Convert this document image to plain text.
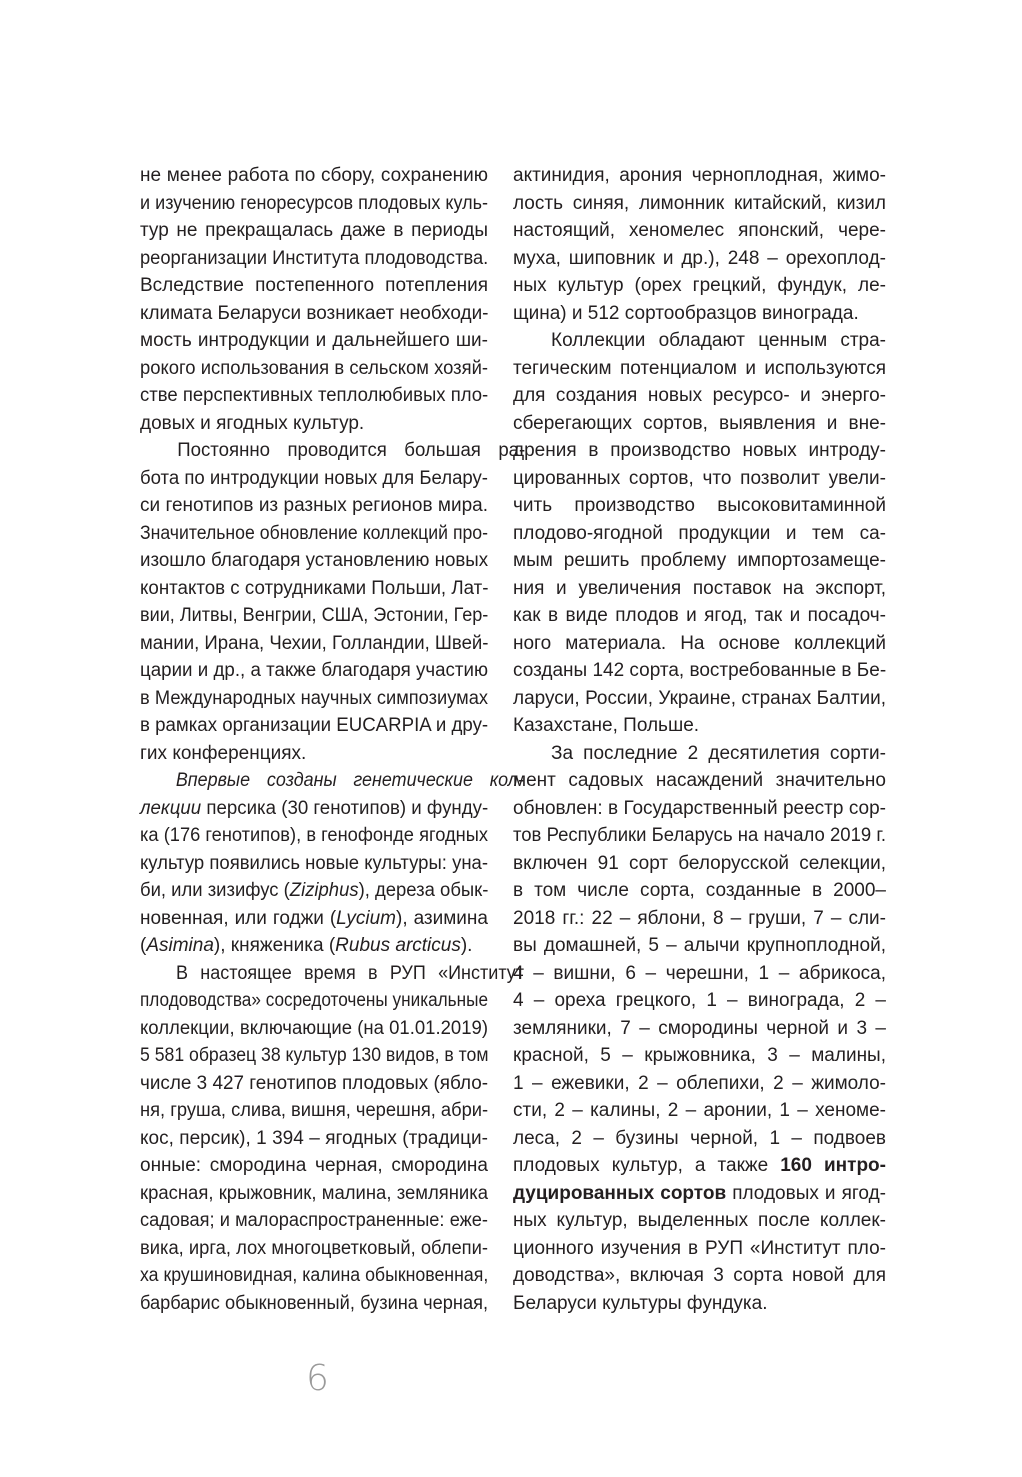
не менее работа по сбору, сохранению
и изучению геноресурсов плодовых куль-
тур не прекращалась даже в периоды
реорганизации Института плодоводства.
Вследствие постепенного потепления
климата Беларуси возникает необходи-
мость интродукции и дальнейшего ши-
рокого использования в сельском хозяй-
стве перспективных теплолюбивых пло-
довых и ягодных культур.
Постоянно проводится большая ра-
бота по интродукции новых для Белару-
си генотипов из разных регионов мира.
Значительное обновление коллекций про-
изошло благодаря установлению новых
контактов с сотрудниками Польши, Лат-
вии, Литвы, Венгрии, США, Эстонии, Гер-
мании, Ирана, Чехии, Голландии, Швей-
царии и др., а также благодаря участию
в Международных научных симпозиумах
в рамках организации EUCARPIA и дру-
гих конференциях.
Впервые созданы генетические кол-
лекции персика (30 генотипов) и фунду-
ка (176 генотипов), в генофонде ягодных
культур появились новые культуры: уна-
би, или зизифус (Ziziphus), дереза обык-
новенная, или годжи (Lycium), азимина
(Asimina), княженика (Rubus arcticus).
В настоящее время в РУП «Институт
плодоводства» сосредоточены уникальные
коллекции, включающие (на 01.01.2019)
5 581 образец 38 культур 130 видов, в том
числе 3 427 генотипов плодовых (ябло-
ня, груша, слива, вишня, черешня, абри-
кос, персик), 1 394 – ягодных (традици-
онные: смородина черная, смородина
красная, крыжовник, малина, земляника
садовая; и малораспространенные: еже-
вика, ирга, лох многоцветковый, облепи-
ха крушиновидная, калина обыкновенная,
барбарис обыкновенный, бузина черная,
актинидия, арония черноплодная, жимо-
лость синяя, лимонник китайский, кизил
настоящий, хеномелес японский, чере-
муха, шиповник и др.), 248 – орехоплод-
ных культур (орех грецкий, фундук, ле-
щина) и 512 сортообразцов винограда.
Коллекции обладают ценным стра-
тегическим потенциалом и используются
для создания новых ресурсо- и энерго-
сберегающих сортов, выявления и вне-
дрения в производство новых интроду-
цированных сортов, что позволит увели-
чить производство высоковитаминной
плодово-ягодной продукции и тем са-
мым решить проблему импортозамеще-
ния и увеличения поставок на экспорт,
как в виде плодов и ягод, так и посадоч-
ного материала. На основе коллекций
созданы 142 сорта, востребованные в Бе-
ларуси, России, Украине, странах Балтии,
Казахстане, Польше.
За последние 2 десятилетия сорти-
мент садовых насаждений значительно
обновлен: в Государственный реестр сор-
тов Республики Беларусь на начало 2019 г.
включен 91 сорт белорусской селекции,
в том числе сорта, созданные в 2000–
2018 гг.: 22 – яблони, 8 – груши, 7 – сли-
вы домашней, 5 – алычи крупноплодной,
4 – вишни, 6 – черешни, 1 – абрикоса,
4 – ореха грецкого, 1 – винограда, 2 –
земляники, 7 – смородины черной и 3 –
красной, 5 – крыжовника, 3 – малины,
1 – ежевики, 2 – облепихи, 2 – жимоло-
сти, 2 – калины, 2 – аронии, 1 – хеноме-
леса, 2 – бузины черной, 1 – подвоев
плодовых культур, а также 160 интро-
дуцированных сортов плодовых и ягод-
ных культур, выделенных после коллек-
ционного изучения в РУП «Институт пло-
доводства», включая 3 сорта новой для
Беларуси культуры фундука.
6
